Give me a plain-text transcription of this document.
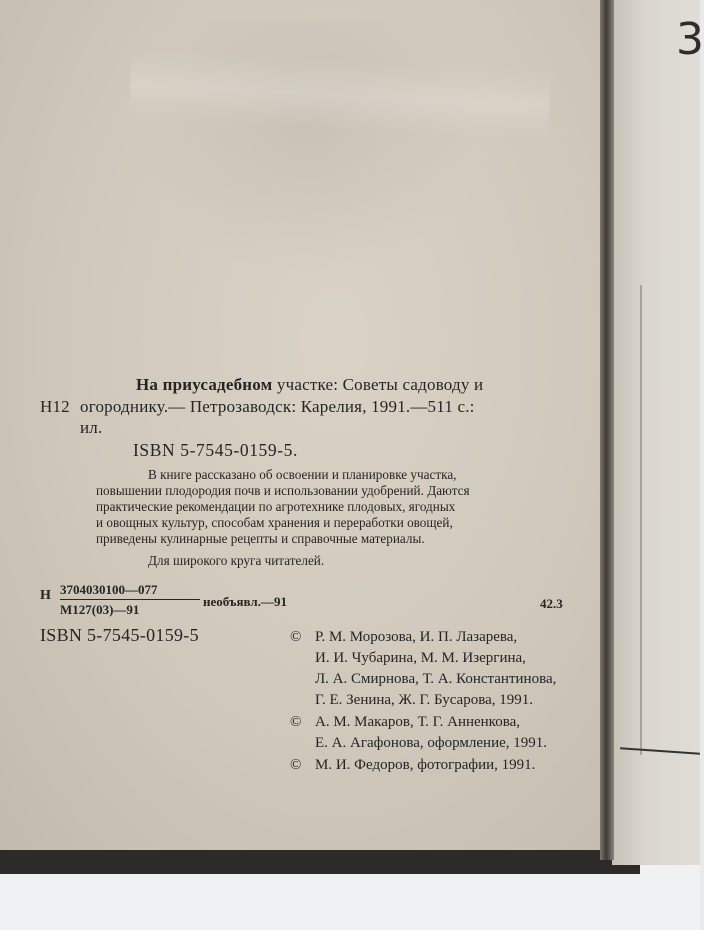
3
На приусадебном участке: Советы садоводу и
Н12 огороднику.— Петрозаводск: Карелия, 1991.—511 с.:
ил.
ISBN 5-7545-0159-5.
В книге рассказано об освоении и планировке участка,
повышении плодородия почв и использовании удобрений. Даются
практические рекомендации по агротехнике плодовых, ягодных
и овощных культур, способам хранения и переработки овощей,
приведены кулинарные рецепты и справочные материалы.
Для широкого круга читателей.
Н 3704030100—077
М127(03)—91
необъявл.—91	42.3
ISBN 5-7545-0159-5	© Р. М. Морозова, И. П. Лазарева,
И. И. Чубарина, М. М. Изергина,
Л. А. Смирнова, Т. А. Константинова,
Г. Е. Зенина, Ж. Г. Бусарова, 1991.
© А. М. Макаров, Т. Г. Анненкова,
Е. А. Агафонова, оформление, 1991.
© М. И. Федоров, фотографии, 1991.
